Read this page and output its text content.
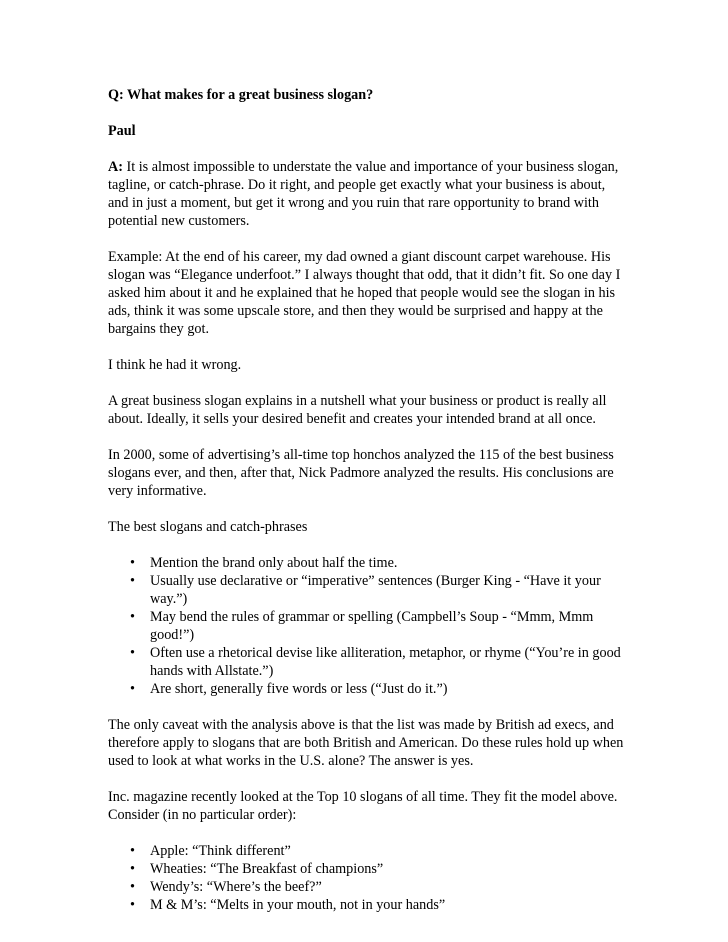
Q: What makes for a great business slogan?

Paul

A: It is almost impossible to understate the value and importance of your business slogan, tagline, or catch-phrase. Do it right, and people get exactly what your business is about, and in just a moment, but get it wrong and you ruin that rare opportunity to brand with potential new customers.

Example: At the end of his career, my dad owned a giant discount carpet warehouse. His slogan was “Elegance underfoot.” I always thought that odd, that it didn’t fit. So one day I asked him about it and he explained that he hoped that people would see the slogan in his ads, think it was some upscale store, and then they would be surprised and happy at the bargains they got.

I think he had it wrong.

A great business slogan explains in a nutshell what your business or product is really all about. Ideally, it sells your desired benefit and creates your intended brand at all once.

In 2000, some of advertising’s all-time top honchos analyzed the 115 of the best business slogans ever, and then, after that, Nick Padmore analyzed the results. His conclusions are very informative.

The best slogans and catch-phrases

• Mention the brand only about half the time.
• Usually use declarative or “imperative” sentences (Burger King - “Have it your way.”)
• May bend the rules of grammar or spelling (Campbell’s Soup - “Mmm, Mmm good!”)
• Often use a rhetorical devise like alliteration, metaphor, or rhyme (“You’re in good hands with Allstate.”)
• Are short, generally five words or less (“Just do it.”)

The only caveat with the analysis above is that the list was made by British ad execs, and therefore apply to slogans that are both British and American. Do these rules hold up when used to look at what works in the U.S. alone? The answer is yes.

Inc. magazine recently looked at the Top 10 slogans of all time. They fit the model above. Consider (in no particular order):

• Apple: “Think different”
• Wheaties: “The Breakfast of champions”
• Wendy’s: “Where’s the beef?”
• M & M’s: “Melts in your mouth, not in your hands”
